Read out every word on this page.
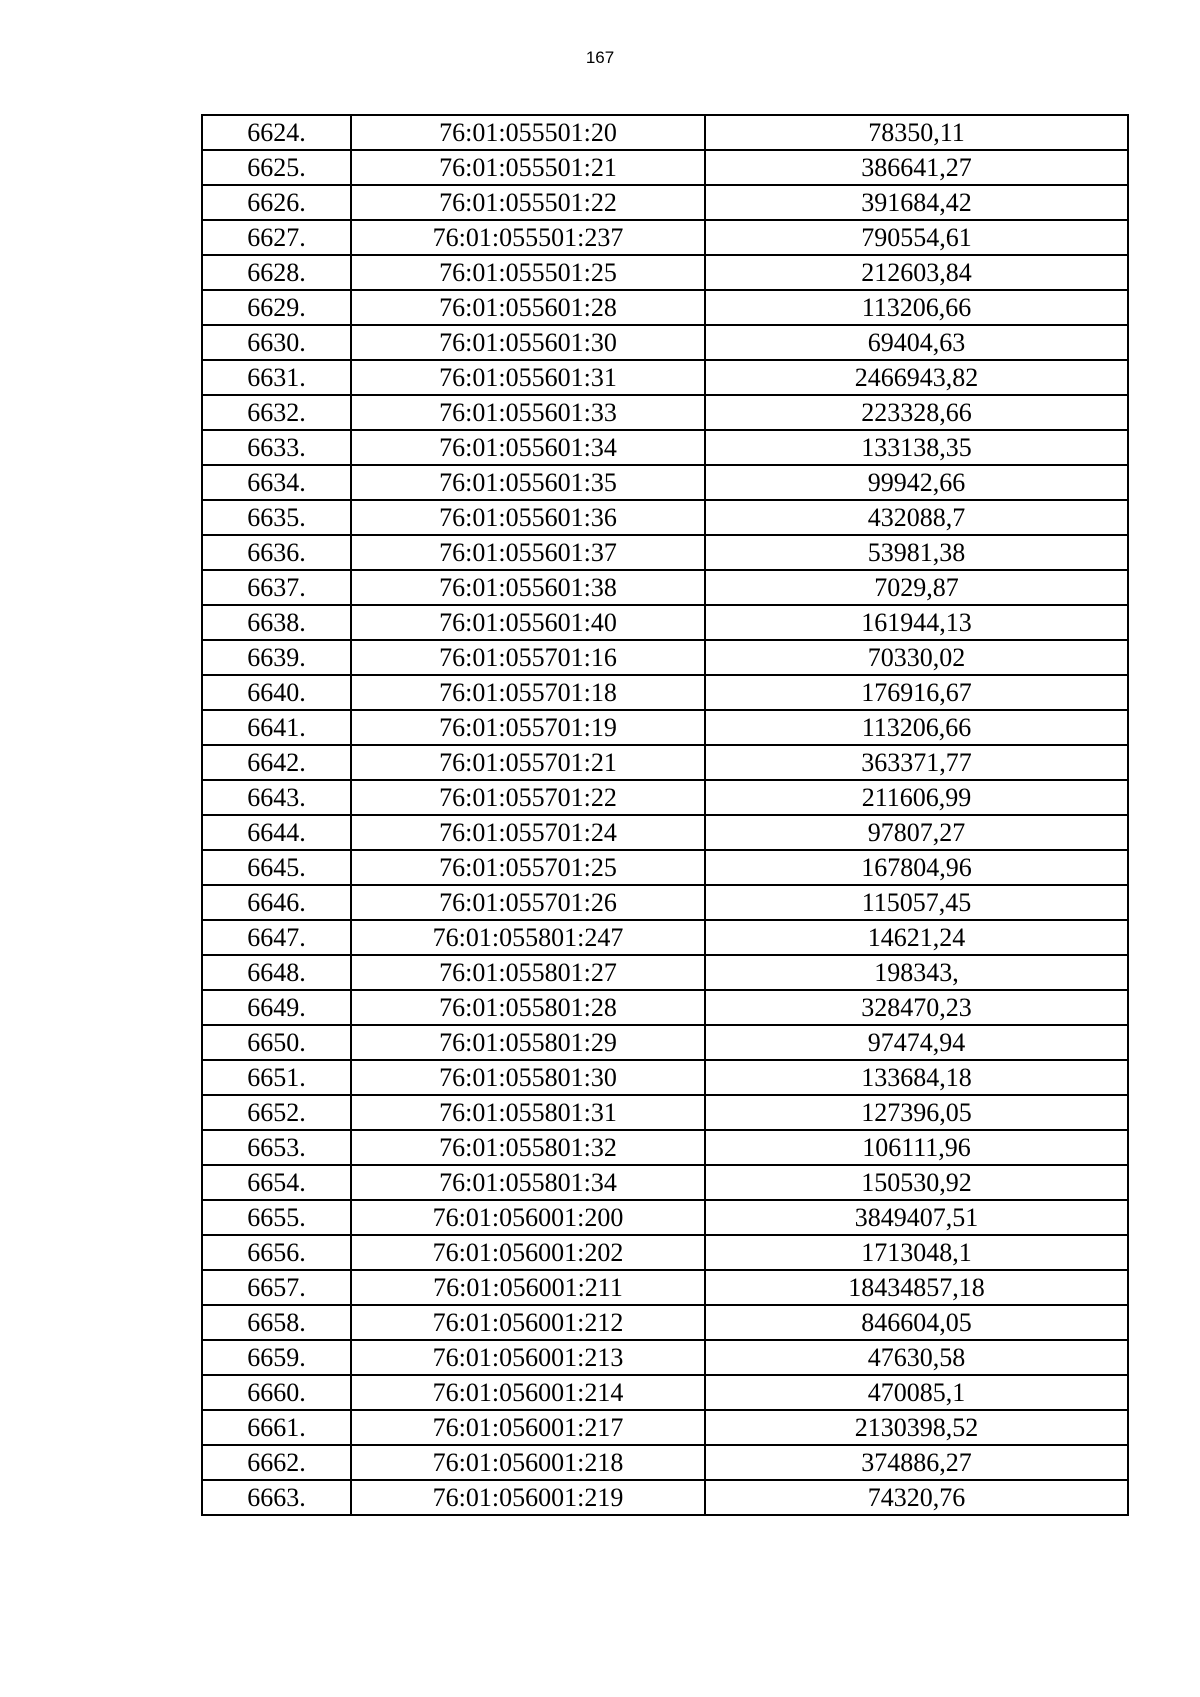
167
6624.	76:01:055501:20	78350,11
6625.	76:01:055501:21	386641,27
6626.	76:01:055501:22	391684,42
6627.	76:01:055501:237	790554,61
6628.	76:01:055501:25	212603,84
6629.	76:01:055601:28	113206,66
6630.	76:01:055601:30	69404,63
6631.	76:01:055601:31	2466943,82
6632.	76:01:055601:33	223328,66
6633.	76:01:055601:34	133138,35
6634.	76:01:055601:35	99942,66
6635.	76:01:055601:36	432088,7
6636.	76:01:055601:37	53981,38
6637.	76:01:055601:38	7029,87
6638.	76:01:055601:40	161944,13
6639.	76:01:055701:16	70330,02
6640.	76:01:055701:18	176916,67
6641.	76:01:055701:19	113206,66
6642.	76:01:055701:21	363371,77
6643.	76:01:055701:22	211606,99
6644.	76:01:055701:24	97807,27
6645.	76:01:055701:25	167804,96
6646.	76:01:055701:26	115057,45
6647.	76:01:055801:247	14621,24
6648.	76:01:055801:27	198343,
6649.	76:01:055801:28	328470,23
6650.	76:01:055801:29	97474,94
6651.	76:01:055801:30	133684,18
6652.	76:01:055801:31	127396,05
6653.	76:01:055801:32	106111,96
6654.	76:01:055801:34	150530,92
6655.	76:01:056001:200	3849407,51
6656.	76:01:056001:202	1713048,1
6657.	76:01:056001:211	18434857,18
6658.	76:01:056001:212	846604,05
6659.	76:01:056001:213	47630,58
6660.	76:01:056001:214	470085,1
6661.	76:01:056001:217	2130398,52
6662.	76:01:056001:218	374886,27
6663.	76:01:056001:219	74320,76
